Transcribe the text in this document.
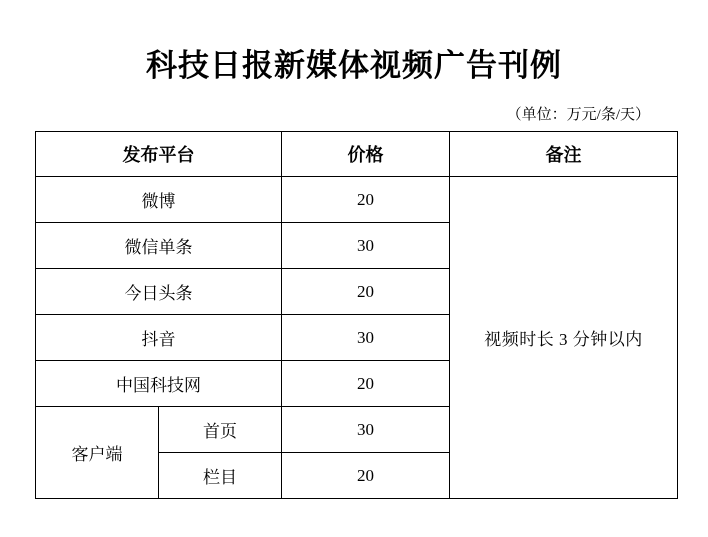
科技日报新媒体视频广告刊例
（单位：万元/条/天）
发布平台		价格	备注
微博		20	视频时长 3 分钟以内
微信单条		30	
今日头条		20	
抖音		30	
中国科技网		20	
客户端	首页	30	
	栏目	20	
